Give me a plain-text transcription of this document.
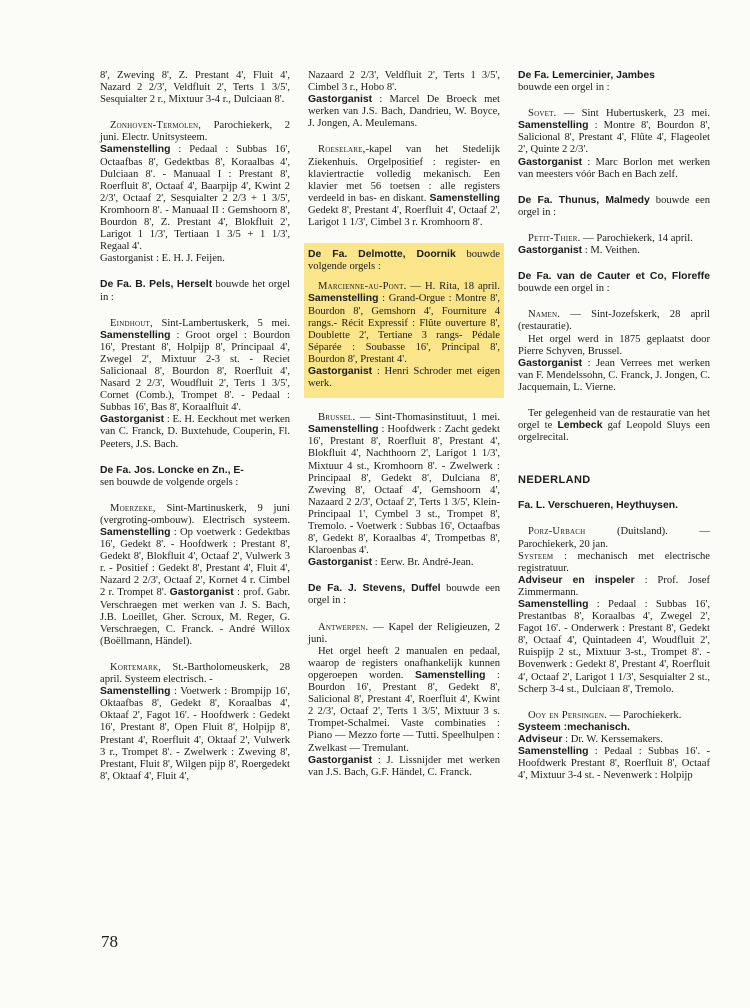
8', Zweving 8', Z. Prestant 4', Fluit 4', Nazard 2 2/3', Veldfluit 2', Terts 1 3/5', Sesquialter 2 r., Mixtuur 3-4 r., Dulciaan 8'.

Zonhoven-Termolen, Parochiekerk, 2 juni. Electr. Unitsysteem.
Samenstelling : Pedaal : Subbas 16', Octaafbas 8', Gedektbas 8', Koraalbas 4', Dulciaan 8'. - Manuaal I : Prestant 8', Roerfluit 8', Octaaf 4', Baarpijp 4', Kwint 2 2/3', Octaaf 2', Sesquialter 2 2/3 + 1 3/5', Kromhoorn 8'. - Manuaal II : Gemshoorn 8', Bourdon 8', Z. Prestant 4', Blokfluit 2', Larigot 1 1/3', Tertiaan 1 3/5 + 1 1/3', Regaal 4'.
Gastorganist : E. H. J. Feijen.

De Fa. B. Pels, Herselt bouwde het orgel in :

Eindhout, Sint-Lambertuskerk, 5 mei. Samenstelling : Groot orgel : Bourdon 16', Prestant 8', Holpijp 8', Principaal 4', Zwegel 2', Mixtuur 2-3 st. - Reciet Salicionaal 8', Bourdon 8', Roerfluit 4', Nasard 2 2/3', Woudfluit 2', Terts 1 3/5', Cornet (Comb.), Trompet 8'. - Pedaal : Subbas 16', Bas 8', Koraalfluit 4'.
Gastorganist : E. H. Eeckhout met werken van C. Franck, D. Buxtehude, Couperin, Fl. Peeters, J.S. Bach.

De Fa. Jos. Loncke en Zn., E-
sen bouwde de volgende orgels :

Moerzeke, Sint-Martinuskerk, 9 juni (vergroting-ombouw). Electrisch systeem. Samenstelling : Op voetwerk : Gedektbas 16', Gedekt 8'. - Hoofdwerk : Prestant 8', Gedekt 8', Blokfluit 4', Octaaf 2', Vulwerk 3 r. - Positief : Gedekt 8', Prestant 4', Fluit 4', Nazard 2 2/3', Octaaf 2', Kornet 4 r. Cimbel 2 r. Trompet 8'. Gastorganist : prof. Gabr. Verschraegen met werken van J. S. Bach, J.B. Loeillet, Gher. Scroux, M. Reger, G. Verschraegen, C. Franck. - André Willox (Boëllmann, Händel).

Kortemark, St.-Bartholomeuskerk, 28 april. Systeem electrisch. -
Samenstelling : Voetwerk : Brompijp 16', Oktaafbas 8', Gedekt 8', Koraalbas 4', Oktaaf 2', Fagot 16'. - Hoofdwerk : Gedekt 16', Prestant 8', Open Fluit 8', Holpijp 8', Prestant 4', Roerfluit 4', Oktaaf 2', Vulwerk 3 r., Trompet 8'. - Zwelwerk : Zweving 8', Prestant, Fluit 8', Wilgen pijp 8', Roergedekt 8', Oktaaf 4', Fluit 4',

Nazaard 2 2/3', Veldfluit 2', Terts 1 3/5', Cimbel 3 r., Hobo 8'.
Gastorganist : Marcel De Broeck met werken van J.S. Bach, Dandrieu, W. Boyce, J. Jongen, A. Meulemans.

Roeselare,-kapel van het Stedelijk Ziekenhuis. Orgelpositief : register- en klaviertractie volledig mekanisch. Een klavier met 56 toetsen : alle registers verdeeld in bas- en diskant. Samenstelling Gedekt 8', Prestant 4', Roerfluit 4', Octaaf 2', Larigot 1 1/3', Cimbel 3 r. Kromhoorn 8'.

De Fa. Delmotte, Doornik bouwde volgende orgels :

Marcienne-au-Pont. — H. Rita, 18 april. Samenstelling : Grand-Orgue : Montre 8', Bourdon 8', Gemshorn 4', Fourniture 4 rangs.- Récit Expressif : Flûte ouverture 8', Doublette 2', Tertiane 3 rangs- Pédale Séparée : Soubasse 16', Principal 8', Bourdon 8', Prestant 4'.
Gastorganist : Henri Schroder met eigen werk.

Brussel. — Sint-Thomasinstituut, 1 mei. Samenstelling : Hoofdwerk : Zacht gedekt 16', Prestant 8', Roerfluit 8', Prestant 4', Blokfluit 4', Nachthoorn 2', Larigot 1 1/3', Mixtuur 4 st., Kromhoorn 8'. - Zwelwerk : Principaal 8', Gedekt 8', Dulciana 8', Zweving 8', Octaaf 4', Gemshoorn 4', Nazaard 2 2/3', Octaaf 2', Terts 1 3/5', Klein-Principaal 1', Cymbel 3 st., Trompet 8', Tremolo. - Voetwerk : Subbas 16', Octaafbas 8', Gedekt 8', Koraalbas 4', Trompetbas 8', Klaroenbas 4'.
Gastorganist : Eerw. Br. André-Jean.

De Fa. J. Stevens, Duffel bouwde een orgel in :

Antwerpen. — Kapel der Religieuzen, 2 juni.

Het orgel heeft 2 manualen en pedaal, waarop de registers onafhankelijk kunnen opgeroepen worden. Samenstelling : Bourdon 16', Prestant 8', Gedekt 8', Salicional 8', Prestant 4', Roerfluit 4', Kwint 2 2/3', Octaaf 2', Terts 1 3/5', Mixtuur 3 s. Trompet-Schalmei. Vaste combinaties : Piano — Mezzo forte — Tutti. Speelhulpen : Zwelkast — Tremulant.
Gastorganist : J. Lissnijder met werken van J.S. Bach, G.F. Händel, C. Franck.

De Fa. Lemercinier, Jambes
bouwde een orgel in :

Sovet. — Sint Hubertuskerk, 23 mei. Samenstelling : Montre 8', Bourdon 8', Salicional 8', Prestant 4', Flûte 4', Flageolet 2', Quinte 2 2/3'.
Gastorganist : Marc Borlon met werken van meesters vóór Bach en Bach zelf.

De Fa. Thunus, Malmedy bouwde een orgel in :

Petit-Thier. — Parochiekerk, 14 april.
Gastorganist : M. Veithen.

De Fa. van de Cauter et Co, Floreffe bouwde een orgel in :

Namen. — Sint-Jozefskerk, 28 april (restauratie).

Het orgel werd in 1875 geplaatst door Pierre Schyven, Brussel.
Gastorganist : Jean Verrees met werken van F. Mendelssohn, C. Franck, J. Jongen, C. Jacquemain, L. Vierne.

Ter gelegenheid van de restauratie van het orgel te Lembeck gaf Leopold Sluys een orgelrecital.

NEDERLAND

Fa. L. Verschueren, Heythuysen.

Porz-Urbach (Duitsland). — Parochiekerk, 20 jan.
Systeem : mechanisch met electrische registratuur.
Adviseur en inspeler : Prof. Josef Zimmermann.
Samenstelling : Pedaal : Subbas 16', Prestantbas 8', Koraalbas 4', Zwegel 2', Fagot 16'. - Onderwerk : Prestant 8', Gedekt 8', Octaaf 4', Quintadeen 4', Woudfluit 2', Ruispijp 2 st., Mixtuur 3-st., Trompet 8'. - Bovenwerk : Gedekt 8', Prestant 4', Roerfluit 4', Octaaf 2', Larigot 1 1/3', Sesquialter 2 st., Scherp 3-4 st., Dulciaan 8', Tremolo.

Ooy en Persingen. — Parochiekerk.
Systeem :mechanisch.
Adviseur : Dr. W. Kerssemakers.
Samenstelling : Pedaal : Subbas 16'. - Hoofdwerk Prestant 8', Roerfluit 8', Octaaf 4', Mixtuur 3-4 st. - Nevenwerk : Holpijp

78
